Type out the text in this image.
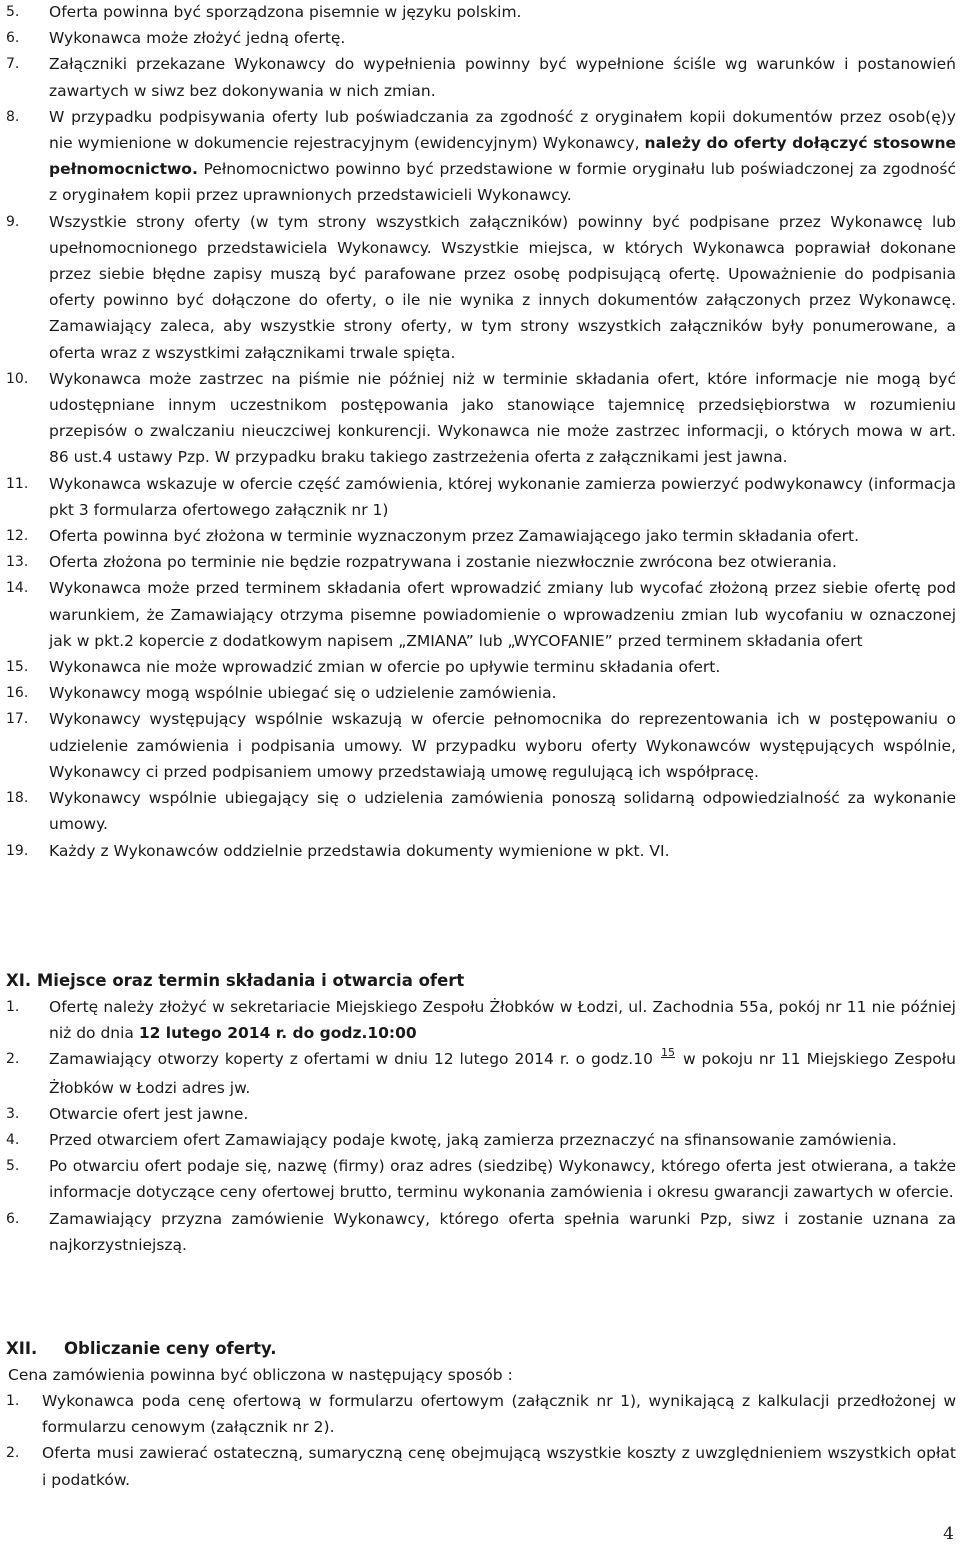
5. Oferta powinna być sporządzona pisemnie w języku polskim.
6. Wykonawca może złożyć jedną ofertę.
7. Załączniki przekazane Wykonawcy do wypełnienia powinny być wypełnione ściśle wg warunków i postanowień zawartych w siwz bez dokonywania w nich zmian.
8. W przypadku podpisywania oferty lub poświadczania za zgodność z oryginałem kopii dokumentów przez osob(ę)y nie wymienione w dokumencie rejestracyjnym (ewidencyjnym) Wykonawcy, należy do oferty dołączyć stosowne pełnomocnictwo. Pełnomocnictwo powinno być przedstawione w formie oryginału lub poświadczonej za zgodność z oryginałem kopii przez uprawnionych przedstawicieli Wykonawcy.
9. Wszystkie strony oferty (w tym strony wszystkich załączników) powinny być podpisane przez Wykonawcę lub upełnomocnionego przedstawiciela Wykonawcy. Wszystkie miejsca, w których Wykonawca poprawiał dokonane przez siebie błędne zapisy muszą być parafowane przez osobę podpisującą ofertę. Upoważnienie do podpisania oferty powinno być dołączone do oferty, o ile nie wynika z innych dokumentów załączonych przez Wykonawcę. Zamawiający zaleca, aby wszystkie strony oferty, w tym strony wszystkich załączników były ponumerowane, a oferta wraz z wszystkimi załącznikami trwale spięta.
10. Wykonawca może zastrzec na piśmie nie później niż w terminie składania ofert, które informacje nie mogą być udostępniane innym uczestnikom postępowania jako stanowiące tajemnicę przedsiębiorstwa w rozumieniu przepisów o zwalczaniu nieuczciwej konkurencji. Wykonawca nie może zastrzec informacji, o których mowa w art. 86 ust.4 ustawy Pzp. W przypadku braku takiego zastrzeżenia oferta z załącznikami jest jawna.
11. Wykonawca wskazuje w ofercie część zamówienia, której wykonanie zamierza powierzyć podwykonawcy (informacja pkt 3 formularza ofertowego załącznik nr 1)
12. Oferta powinna być złożona w terminie wyznaczonym przez Zamawiającego jako termin składania ofert.
13. Oferta złożona po terminie nie będzie rozpatrywana i zostanie niezwłocznie zwrócona bez otwierania.
14. Wykonawca może przed terminem składania ofert wprowadzić zmiany lub wycofać złożoną przez siebie ofertę pod warunkiem, że Zamawiający otrzyma pisemne powiadomienie o wprowadzeniu zmian lub wycofaniu w oznaczonej jak w pkt.2 kopercie z dodatkowym napisem „ZMIANA” lub „WYCOFANIE” przed terminem składania ofert
15. Wykonawca nie może wprowadzić zmian w ofercie po upływie terminu składania ofert.
16. Wykonawcy mogą wspólnie ubiegać się o udzielenie zamówienia.
17. Wykonawcy występujący wspólnie wskazują w ofercie pełnomocnika do reprezentowania ich w postępowaniu o udzielenie zamówienia i podpisania umowy. W przypadku wyboru oferty Wykonawców występujących wspólnie, Wykonawcy ci przed podpisaniem umowy przedstawiają umowę regulującą ich współpracę.
18. Wykonawcy wspólnie ubiegający się o udzielenia zamówienia ponoszą solidarną odpowiedzialność za wykonanie umowy.
19. Każdy z Wykonawców oddzielnie przedstawia dokumenty wymienione w pkt. VI.
XI. Miejsce oraz termin składania i otwarcia ofert
1. Ofertę należy złożyć w sekretariacie Miejskiego Zespołu Żłobków w Łodzi, ul. Zachodnia 55a, pokój nr 11 nie później niż do dnia 12 lutego 2014 r. do godz.10:00
2. Zamawiający otworzy koperty z ofertami w dniu 12 lutego 2014 r. o godz.10 $^{15}$ w pokoju nr 11 Miejskiego Zespołu Żłobków w Łodzi adres jw.
3. Otwarcie ofert jest jawne.
4. Przed otwarciem ofert Zamawiający podaje kwotę, jaką zamierza przeznaczyć na sfinansowanie zamówienia.
5. Po otwarciu ofert podaje się, nazwę (firmy) oraz adres (siedzibę) Wykonawcy, którego oferta jest otwierana, a także informacje dotyczące ceny ofertowej brutto, terminu wykonania zamówienia i okresu gwarancji zawartych w ofercie.
6. Zamawiający przyzna zamówienie Wykonawcy, którego oferta spełnia warunki Pzp, siwz i zostanie uznana za najkorzystniejszą.
XII. Obliczanie ceny oferty.
Cena zamówienia powinna być obliczona w następujący sposób :
1. Wykonawca poda cenę ofertową w formularzu ofertowym (załącznik nr 1), wynikającą z kalkulacji przedłożonej w formularzu cenowym (załącznik nr 2).
2. Oferta musi zawierać ostateczną, sumaryczną cenę obejmującą wszystkie koszty z uwzględnieniem wszystkich opłat i podatków.
4
